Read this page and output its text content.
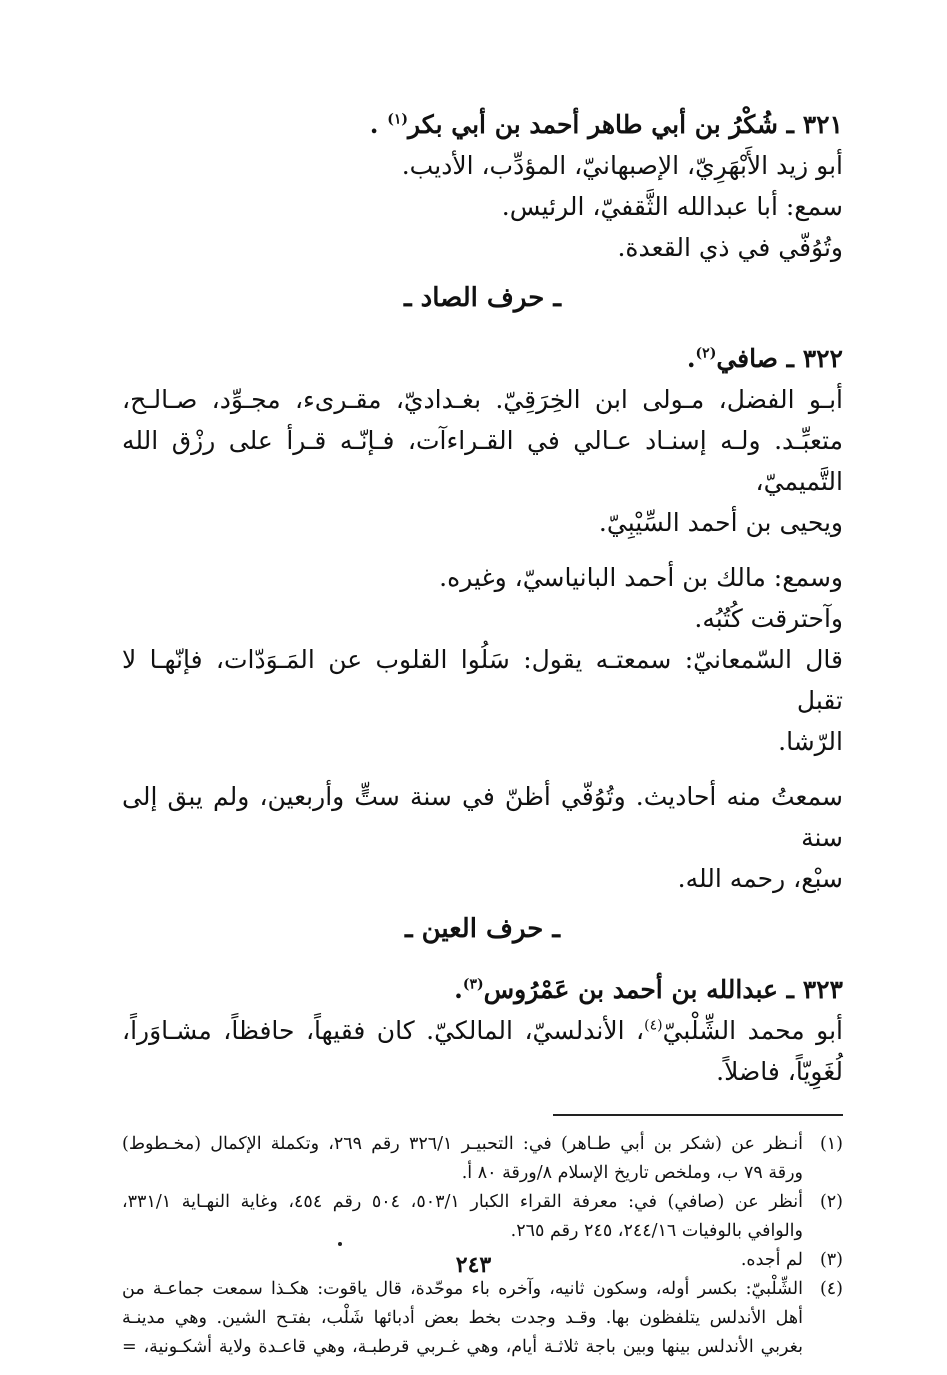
٣٢١ ـ شُكْرُ بن أبي طاهر أحمد بن أبي بكر$^{(١)}$ .

أبو زيد الأَبْهَرِيّ، الإصبهانيّ، المؤدِّب، الأديب.

سمع: أبا عبدالله الثَّقفيّ، الرئيس.

وتُوُفّي في ذي القعدة.

ـ حرف الصاد ـ

٣٢٢ ـ صافي$^{(٢)}$.

أبـو الفضل، مـولى ابن الخِرَقِيّ. بغـداديّ، مقـرىء، مجـوِّد، صـالـح،

متعبِّـد. ولـه إسنـاد عـالي في القـراءآت، فـإنّـه قـرأ على رزْق الله التَّميميّ،

ويحيى بن أحمد السِّيْبِيّ.

وسمع: مالك بن أحمد البانياسيّ، وغيره.

وآحترقت كُتُبُه.

قال السّمعانيّ: سمعتـه يقول: سَلُوا القلوب عن المَـوَدّات، فإنّهـا لا تقبل

الرّشا.

سمعتُ منه أحاديث. وتُوُفّي أظنّ في سنة ستٍّ وأربعين، ولم يبق إلى سنة

سبْع، رحمه الله.

ـ حرف العين ـ

٣٢٣ ـ عبدالله بن أحمد بن عَمْرُوس$^{(٣)}$.

أبو محمد الشِّلْبيّ$^{(٤)}$، الأندلسيّ، المالكيّ. كان فقيهاً، حافظاً، مشـاوَراً،

لُغَوِيّاً، فاضلاً.

(١)
أنـظر عن (شكر بن أبي طـاهر) في: التحبيـر ٣٢٦/١ رقم ٢٦٩، وتكملة الإكمال (مخـطوط)
ورقة ٧٩ ب، وملخص تاريخ الإسلام ٨/ورقة ٨٠ أ.
(٢)
أنظر عن (صافي) في: معرفة القراء الكبار ٥٠٣/١، ٥٠٤ رقم ٤٥٤، وغاية النهـاية ٣٣١/١،
والوافي بالوفيات ٢٤٤/١٦، ٢٤٥ رقم ٢٦٥.
(٣)
لم أجده.
(٤)
الشِّلْبيّ: بكسر أوله، وسكون ثانيه، وآخره باء موحّدة، قال ياقوت: هكـذا سمعت جماعـة من
أهل الأندلس يتلفظون بها. وقـد وجدت بخط بعض أدبائها شَلْب، بفتـح الشين. وهي مدينـة
بغربي الأندلس بينها وبين باجة ثلاثـة أيام، وهي غـربي قرطبـة، وهي قاعـدة ولاية أشكـونية، =
٢٤٣
